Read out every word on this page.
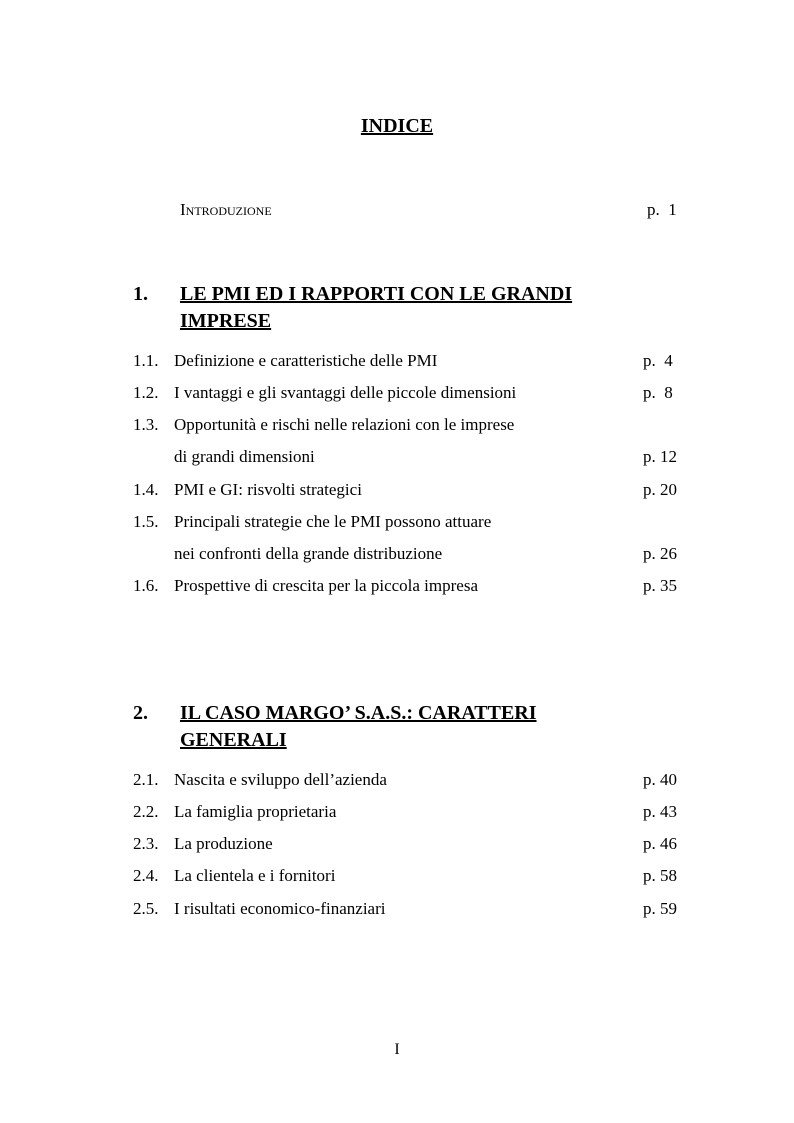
INDICE
Introduzione	p.  1
1. LE PMI ED I RAPPORTI CON LE GRANDI IMPRESE
1.1. Definizione e caratteristiche delle PMI	p.  4
1.2. I vantaggi e gli svantaggi delle piccole dimensioni	p.  8
1.3. Opportunità e rischi nelle relazioni con le imprese
di grandi dimensioni	p. 12
1.4. PMI e GI: risvolti strategici	p. 20
1.5. Principali strategie che le PMI possono attuare
nei confronti della grande distribuzione	p. 26
1.6. Prospettive di crescita per la piccola impresa	p. 35
2. IL CASO MARGO’ S.A.S.: CARATTERI GENERALI
2.1. Nascita e sviluppo dell’azienda	p. 40
2.2. La famiglia proprietaria	p. 43
2.3. La produzione	p. 46
2.4. La clientela e i fornitori	p. 58
2.5. I risultati economico-finanziari	p. 59
I
